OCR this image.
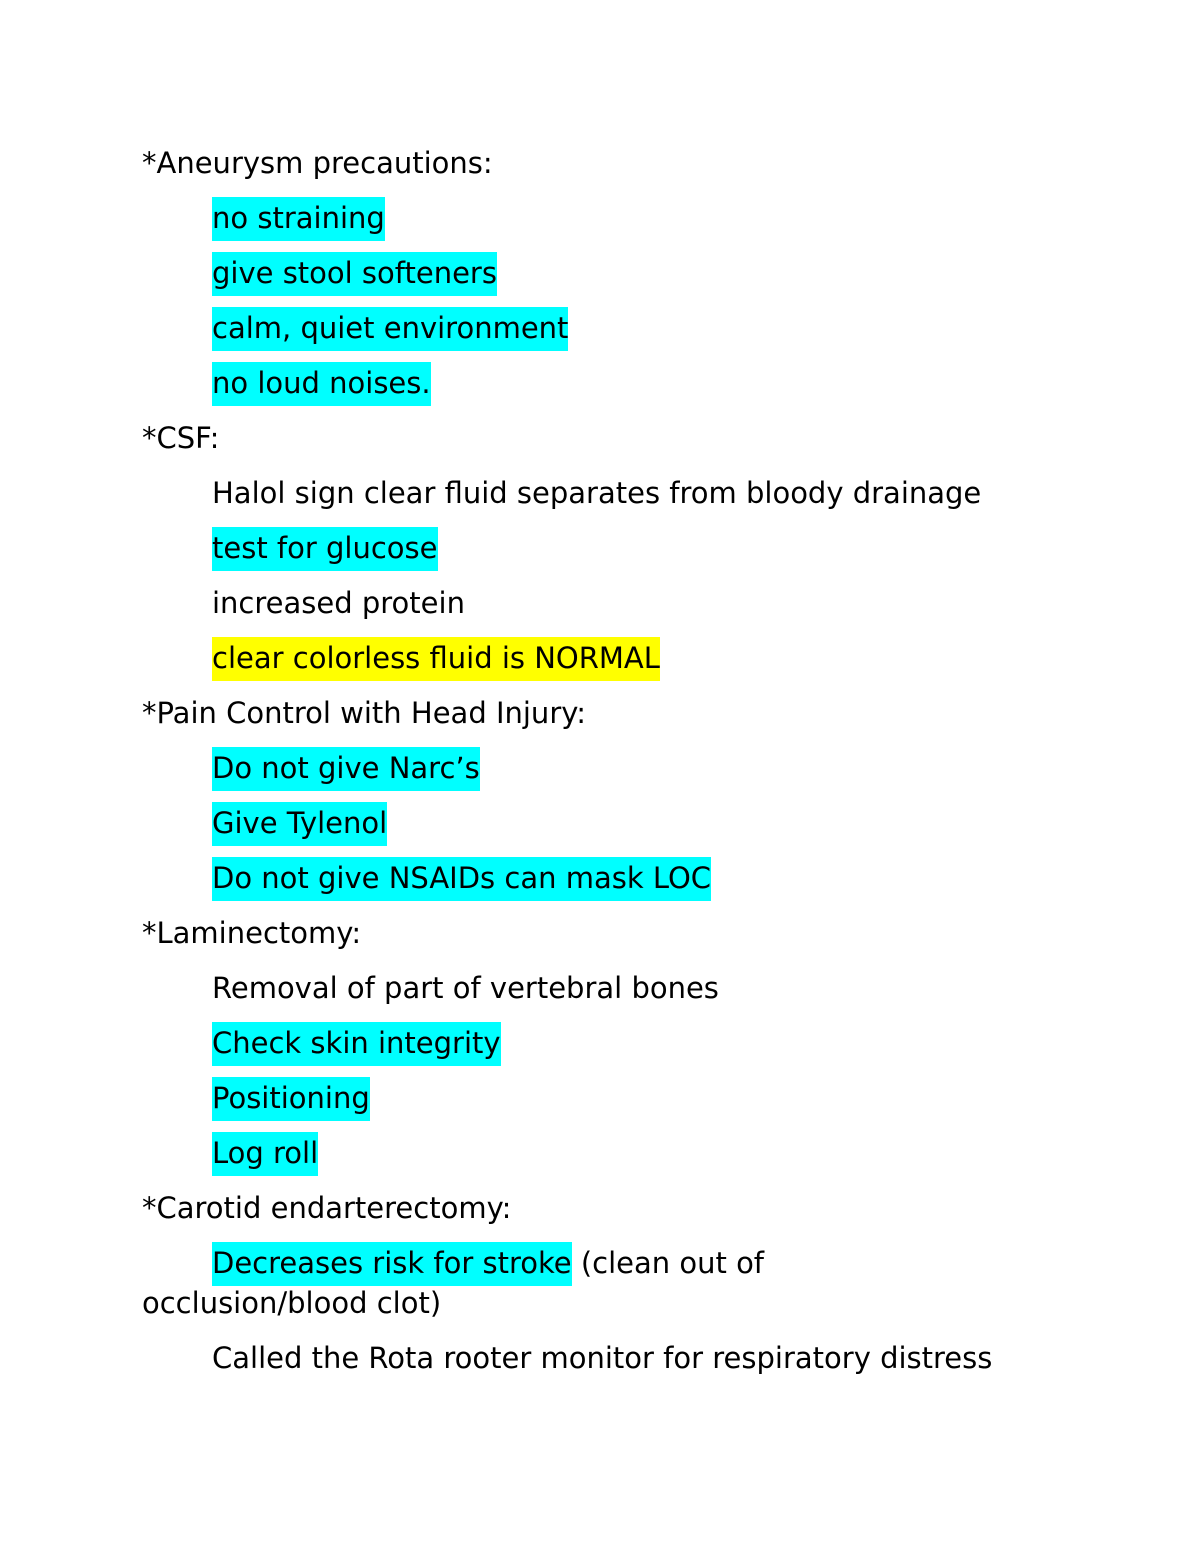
*Aneurysm precautions:
no straining
give stool softeners
calm, quiet environment
no loud noises.
*CSF:
Halol sign clear fluid separates from bloody drainage
test for glucose
increased protein
clear colorless fluid is NORMAL
*Pain Control with Head Injury:
Do not give Narc’s
Give Tylenol
Do not give NSAIDs can mask LOC
*Laminectomy:
Removal of part of vertebral bones
Check skin integrity
Positioning
Log roll
*Carotid endarterectomy:
Decreases risk for stroke (clean out of
occlusion/blood clot)
Called the Rota rooter monitor for respiratory distress
